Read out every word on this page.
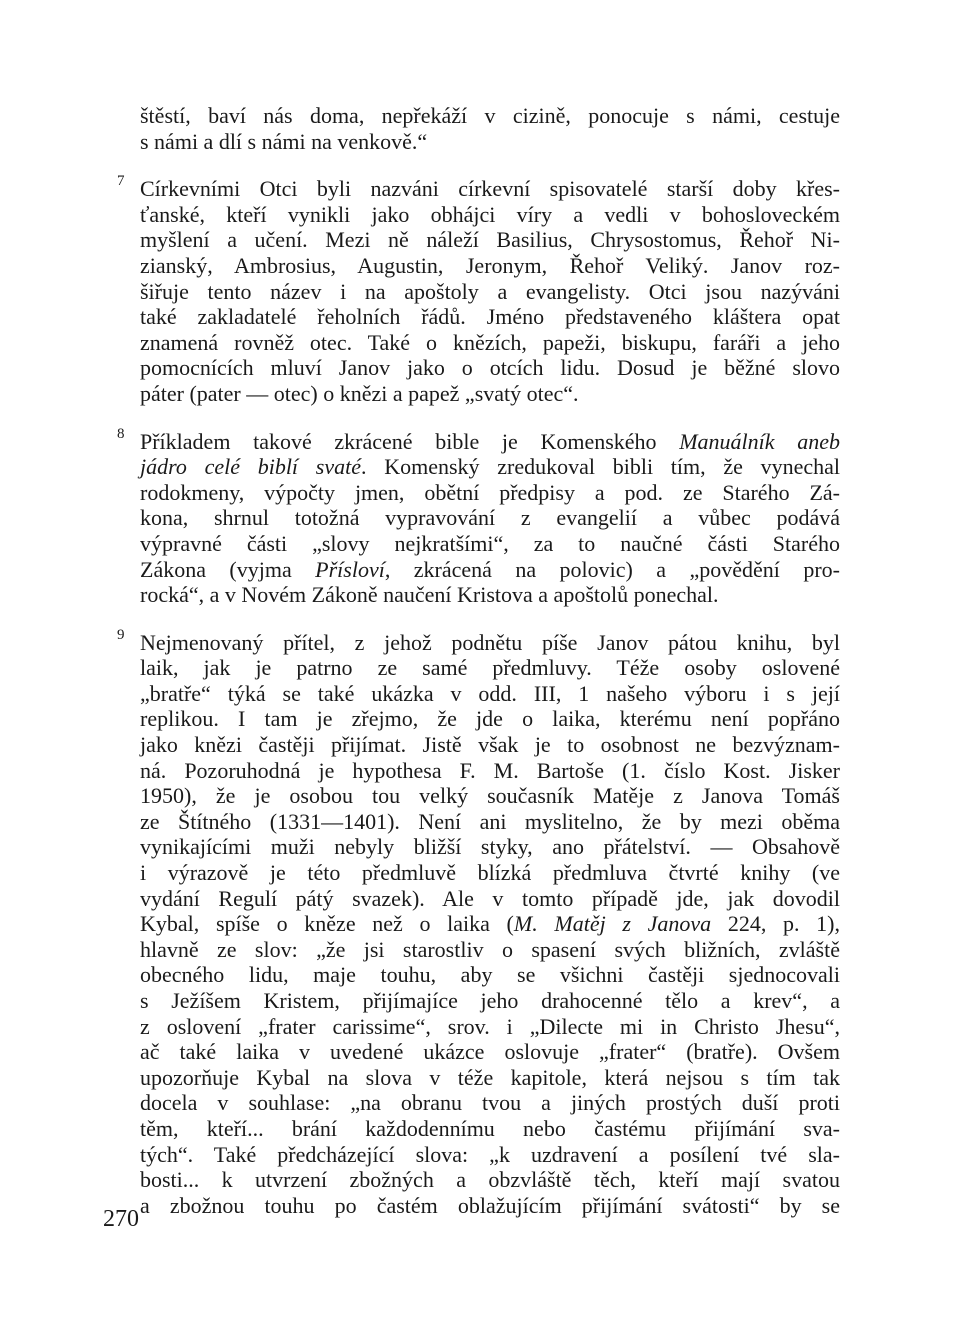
štěstí, baví nás doma, nepřekáží v cizině, ponocuje s námi, cestuje
s námi a dlí s námi na venkově.“
7 Církevními Otci byli nazváni církevní spisovatelé starší doby křes-
ťanské, kteří vynikli jako obhájci víry a vedli v bohosloveckém
myšlení a učení. Mezi ně náleží Basilius, Chrysostomus, Řehoř Ni-
zianský, Ambrosius, Augustin, Jeronym, Řehoř Veliký. Janov roz-
šiřuje tento název i na apoštoly a evangelisty. Otci jsou nazýváni
také zakladatelé řeholních řádů. Jméno představeného kláštera opat
znamená rovněž otec. Také o knězích, papeži, biskupu, faráři a jeho
pomocnících mluví Janov jako o otcích lidu. Dosud je běžné slovo
páter (pater — otec) o knězi a papež „svatý otec“.
8 Příkladem takové zkrácené bible je Komenského Manuálník aneb
jádro celé biblí svaté. Komenský zredukoval bibli tím, že vynechal
rodokmeny, výpočty jmen, obětní předpisy a pod. ze Starého Zá-
kona, shrnul totožná vypravování z evangelií a vůbec podává
výpravné části „slovy nejkratšími“, za to naučné části Starého
Zákona (vyjma Přísloví, zkrácená na polovic) a „povědění pro-
rocká“, a v Novém Zákoně naučení Kristova a apoštolů ponechal.
9 Nejmenovaný přítel, z jehož podnětu píše Janov pátou knihu, byl
laik, jak je patrno ze samé předmluvy. Téže osoby oslovené
„bratře“ týká se také ukázka v odd. III, 1 našeho výboru i s její
replikou. I tam je zřejmo, že jde o laika, kterému není popřáno
jako knězi častěji přijímat. Jistě však je to osobnost ne bezvýznam-
ná. Pozoruhodná je hypothesa F. M. Bartoše (1. číslo Kost. Jisker
1950), že je osobou tou velký současník Matěje z Janova Tomáš
ze Štítného (1331—1401). Není ani myslitelno, že by mezi oběma
vynikajícími muži nebyly bližší styky, ano přátelství. — Obsahově
i výrazově je této předmluvě blízká předmluva čtvrté knihy (ve
vydání Regulí pátý svazek). Ale v tomto případě jde, jak dovodil
Kybal, spíše o kněze než o laika (M. Matěj z Janova 224, p. 1),
hlavně ze slov: „že jsi starostliv o spasení svých bližních, zvláště
obecného lidu, maje touhu, aby se všichni častěji sjednocovali
s Ježíšem Kristem, přijímajíce jeho drahocenné tělo a krev“, a
z oslovení „frater carissime“, srov. i „Dilecte mi in Christo Jhesu“,
ač také laika v uvedené ukázce oslovuje „frater“ (bratře). Ovšem
upozorňuje Kybal na slova v téže kapitole, která nejsou s tím tak
docela v souhlase: „na obranu tvou a jiných prostých duší proti
těm, kteří... brání každodennímu nebo častému přijímání sva-
tých“. Také předcházející slova: „k uzdravení a posílení tvé sla-
bosti... k utvrzení zbožných a obzvláště těch, kteří mají svatou
a zbožnou touhu po častém oblažujícím přijímání svátosti“ by se
270
